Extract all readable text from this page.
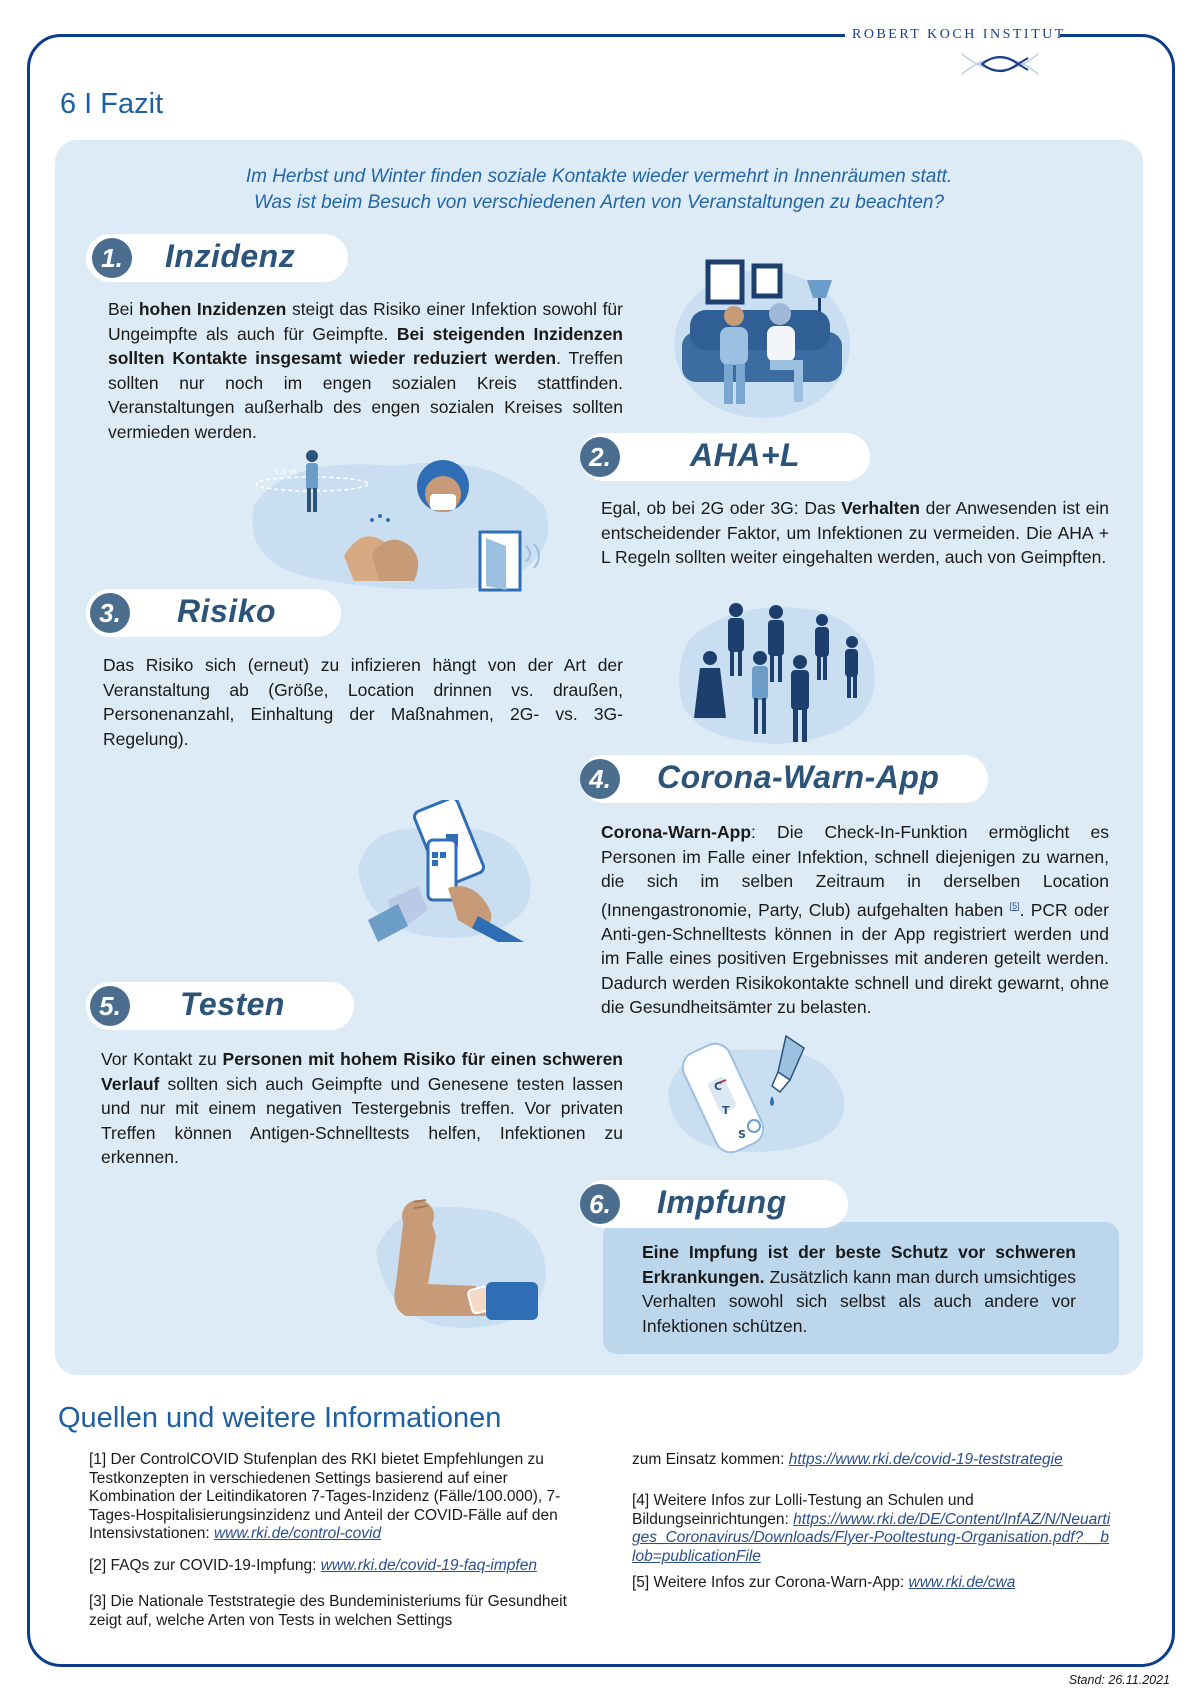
ROBERT KOCH INSTITUT
6 I Fazit
Im Herbst und Winter finden soziale Kontakte wieder vermehrt in Innenräumen statt.
Was ist beim Besuch von verschiedenen Arten von Veranstaltungen zu beachten?
1. Inzidenz
Bei hohen Inzidenzen steigt das Risiko einer Infektion sowohl für Ungeimpfte als auch für Geimpfte. Bei steigenden Inzidenzen sollten Kontakte insgesamt wieder reduziert werden. Treffen sollten nur noch im engen sozialen Kreis stattfinden. Veranstaltungen außerhalb des engen sozialen Kreises sollten vermieden werden.
2. AHA+L
Egal, ob bei 2G oder 3G: Das Verhalten der Anwesenden ist ein entscheidender Faktor, um Infektionen zu vermeiden. Die AHA + L Regeln sollten weiter eingehalten werden, auch von Geimpften.
1,5 m
3. Risiko
Das Risiko sich (erneut) zu infizieren hängt von der Art der Veranstaltung ab (Größe, Location drinnen vs. draußen, Personenanzahl, Einhaltung der Maßnahmen, 2G- vs. 3G-Regelung).
4. Corona-Warn-App
Corona-Warn-App: Die Check-In-Funktion ermöglicht es Personen im Falle einer Infektion, schnell diejenigen zu warnen, die sich im selben Zeitraum in derselben Location (Innengastronomie, Party, Club) aufgehalten haben [5]. PCR oder Anti-gen-Schnelltests können in der App registriert werden und im Falle eines positiven Ergebnisses mit anderen geteilt werden. Dadurch werden Risikokontakte schnell und direkt gewarnt, ohne die Gesundheitsämter zu belasten.
5. Testen
Vor Kontakt zu Personen mit hohem Risiko für einen schweren Verlauf sollten sich auch Geimpfte und Genesene testen lassen und nur mit einem negativen Testergebnis treffen. Vor privaten Treffen können Antigen-Schnelltests helfen, Infektionen zu erkennen.
C
T
S
6. Impfung
Eine Impfung ist der beste Schutz vor schweren Erkrankungen. Zusätzlich kann man durch umsichtiges Verhalten sowohl sich selbst als auch andere vor Infektionen schützen.
Quellen und weitere Informationen
[1] Der ControlCOVID Stufenplan des RKI bietet Empfehlungen zu Testkonzepten in verschiedenen Settings basierend auf einer Kombination der Leitindikatoren 7-Tages-Inzidenz (Fälle/100.000), 7-Tages-Hospitalisierungsinzidenz und Anteil der COVID-Fälle auf den Intensivstationen: www.rki.de/control-covid
[2] FAQs zur COVID-19-Impfung: www.rki.de/covid-19-faq-impfen
[3] Die Nationale Teststrategie des Bundeministeriums für Gesundheit zeigt auf, welche Arten von Tests in welchen Settings
zum Einsatz kommen: https://www.rki.de/covid-19-teststrategie
[4] Weitere Infos zur Lolli-Testung an Schulen und Bildungseinrichtungen: https://www.rki.de/DE/Content/InfAZ/N/Neuartiges_Coronavirus/Downloads/Flyer-Pooltestung-Organisation.pdf?__blob=publicationFile
[5] Weitere Infos zur Corona-Warn-App: www.rki.de/cwa
Stand: 26.11.2021
